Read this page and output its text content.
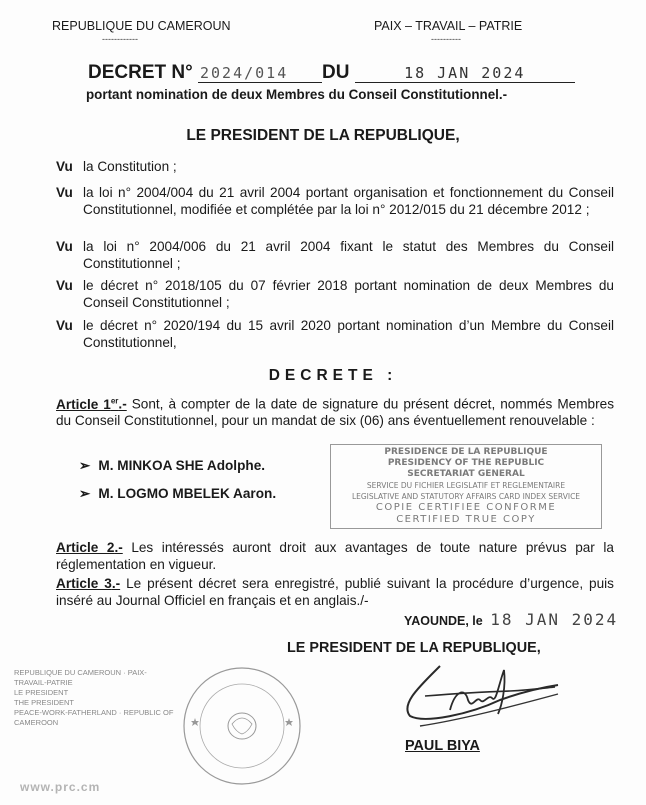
REPUBLIQUE DU CAMEROUN
------------
PAIX – TRAVAIL – PATRIE
----------
DECRET N° 2024/014 DU	18 JAN 2024
portant nomination de deux Membres du Conseil Constitutionnel.-
LE PRESIDENT DE LA REPUBLIQUE,
Vu la Constitution ;
Vu la loi n° 2004/004 du 21 avril 2004 portant organisation et fonctionnement du Conseil Constitutionnel, modifiée et complétée par la loi n° 2012/015 du 21 décembre 2012 ;
Vu la loi n° 2004/006 du 21 avril 2004 fixant le statut des Membres du Conseil Constitutionnel ;
Vu le décret n° 2018/105 du 07 février 2018 portant nomination de deux Membres du Conseil Constitutionnel ;
Vu le décret n° 2020/194 du 15 avril 2020 portant nomination d’un Membre du Conseil Constitutionnel,
DECRETE :
Article 1er.- Sont, à compter de la date de signature du présent décret, nommés Membres du Conseil Constitutionnel, pour un mandat de six (06) ans éventuellement renouvelable :
➢ M. MINKOA SHE Adolphe.
➢ M. LOGMO MBELEK Aaron.
PRESIDENCE DE LA REPUBLIQUE
PRESIDENCY OF THE REPUBLIC
SECRETARIAT GENERAL
SERVICE DU FICHIER LEGISLATIF ET REGLEMENTAIRE
LEGISLATIVE AND STATUTORY AFFAIRS CARD INDEX SERVICE
COPIE CERTIFIEE CONFORME
CERTIFIED TRUE COPY
Article 2.- Les intéressés auront droit aux avantages de toute nature prévus par la réglementation en vigueur.
Article 3.- Le présent décret sera enregistré, publié suivant la procédure d’urgence, puis inséré au Journal Officiel en français et en anglais./-
YAOUNDE, le 18 JAN 2024
LE PRESIDENT DE LA REPUBLIQUE,
REPUBLIQUE DU CAMEROUN · PAIX-TRAVAIL-PATRIE
LE PRESIDENT
THE PRESIDENT
PEACE-WORK-FATHERLAND · REPUBLIC OF CAMEROON
PAUL BIYA
www.prc.cm
